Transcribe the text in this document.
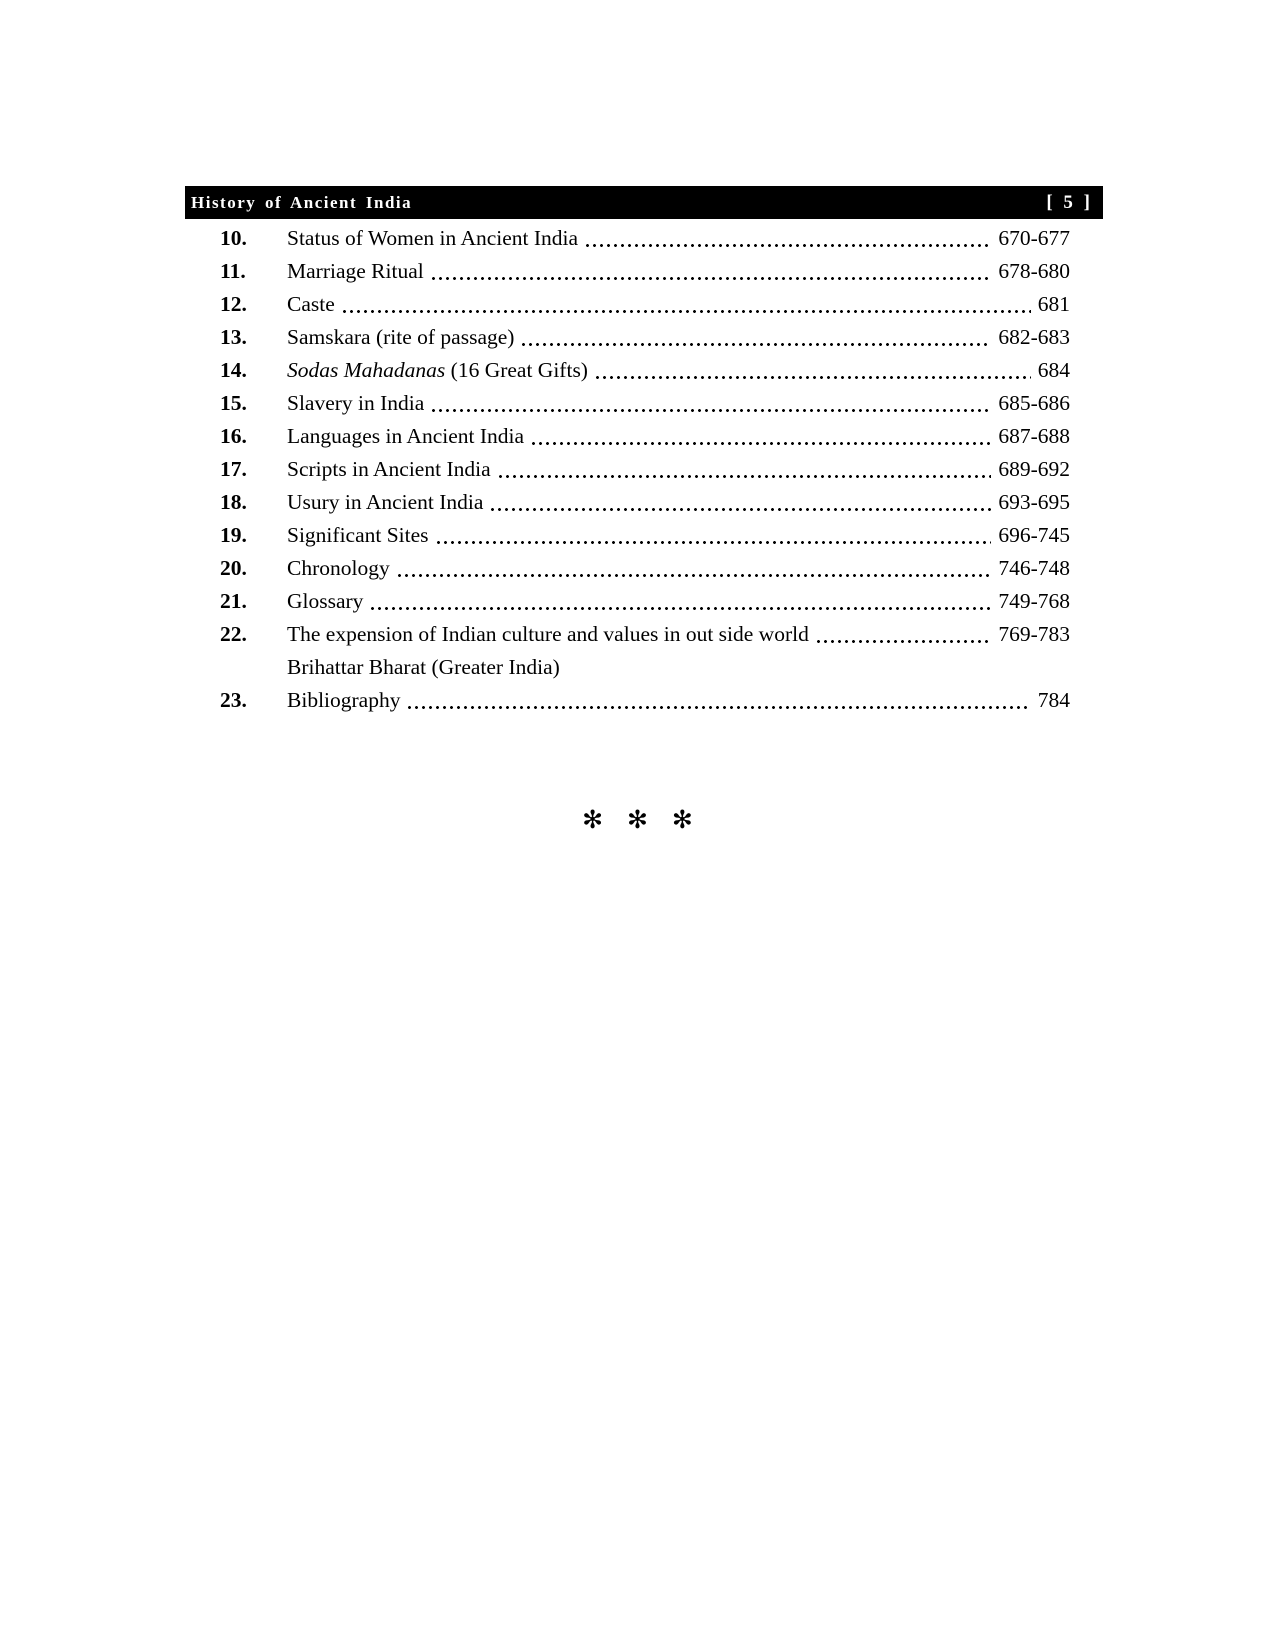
History of Ancient India	[ 5 ]
10.	Status of Women in Ancient India	670-677
11.	Marriage Ritual	678-680
12.	Caste	681
13.	Samskara (rite of passage)	682-683
14.	Sodas Mahadanas (16 Great Gifts)	684
15.	Slavery in India	685-686
16.	Languages in Ancient India	687-688
17.	Scripts in Ancient India	689-692
18.	Usury in Ancient India	693-695
19.	Significant Sites	696-745
20.	Chronology	746-748
21.	Glossary	749-768
22.	The expension of Indian culture and values in out side world	769-783
Brihattar Bharat (Greater India)
23.	Bibliography	784
✻ ✻ ✻
